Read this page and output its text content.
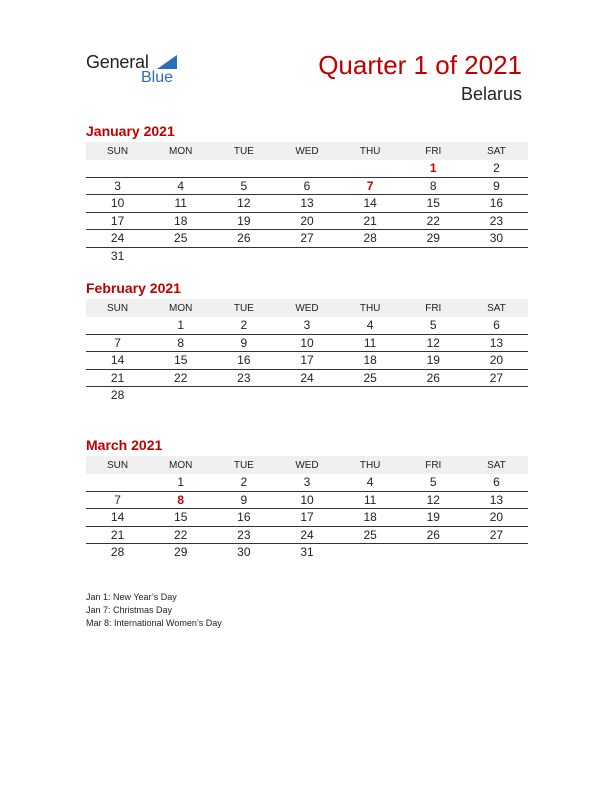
General
Blue	Quarter 1 of 2021
Belarus
January 2021
SUN	MON	TUE	WED	THU	FRI	SAT
					1	2
3	4	5	6	7	8	9
10	11	12	13	14	15	16
17	18	19	20	21	22	23
24	25	26	27	28	29	30
31						
February 2021
SUN	MON	TUE	WED	THU	FRI	SAT
	1	2	3	4	5	6
7	8	9	10	11	12	13
14	15	16	17	18	19	20
21	22	23	24	25	26	27
28						
March 2021
SUN	MON	TUE	WED	THU	FRI	SAT
	1	2	3	4	5	6
7	8	9	10	11	12	13
14	15	16	17	18	19	20
21	22	23	24	25	26	27
28	29	30	31			
Jan 1: New Year’s Day
Jan 7: Christmas Day
Mar 8: International Women’s Day
